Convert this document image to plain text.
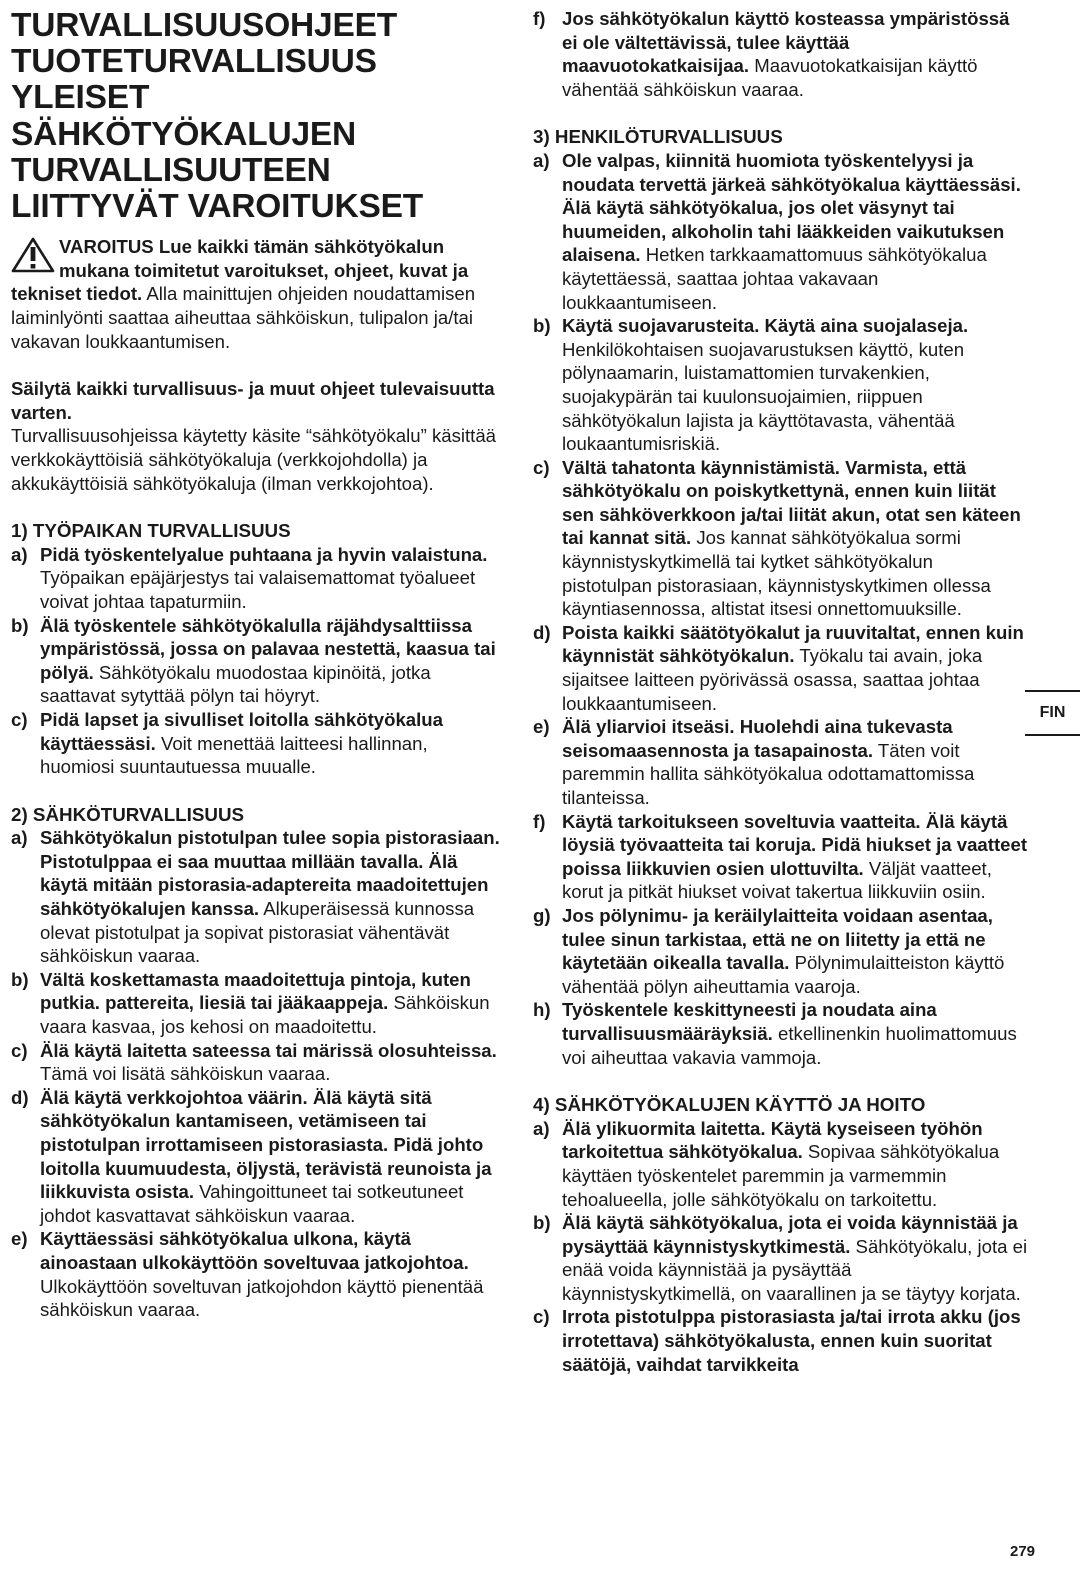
TURVALLISUUSOHJEET
TUOTETURVALLISUUS
YLEISET
SÄHKÖTYÖKALUJEN
TURVALLISUUTEEN
LIITTYVÄT VAROITUKSET

VAROITUS Lue kaikki tämän sähkötyökalun mukana toimitetut varoitukset, ohjeet, kuvat ja tekniset tiedot. Alla mainittujen ohjeiden noudattamisen laiminlyönti saattaa aiheuttaa sähköiskun, tulipalon ja/tai vakavan loukkaantumisen.

Säilytä kaikki turvallisuus- ja muut ohjeet tulevaisuutta varten.
Turvallisuusohjeissa käytetty käsite “sähkötyökalu” käsittää verkkokäyttöisiä sähkötyökaluja (verkkojohdolla) ja akkukäyttöisiä sähkötyökaluja (ilman verkkojohtoa).

1) TYÖPAIKAN TURVALLISUUS

a) Pidä työskentelyalue puhtaana ja hyvin valaistuna. Työpaikan epäjärjestys tai valaisemattomat työalueet voivat johtaa tapaturmiin.
b) Älä työskentele sähkötyökalulla räjähdysalttiissa ympäristössä, jossa on palavaa nestettä, kaasua tai pölyä. Sähkötyökalu muodostaa kipinöitä, jotka saattavat sytyttää pölyn tai höyryt.
c) Pidä lapset ja sivulliset loitolla sähkötyökalua käyttäessäsi. Voit menettää laitteesi hallinnan, huomiosi suuntautuessa muualle.

2) SÄHKÖTURVALLISUUS

a) Sähkötyökalun pistotulpan tulee sopia pistorasiaan. Pistotulppaa ei saa muuttaa millään tavalla. Älä käytä mitään pistorasia-adaptereita maadoitettujen sähkötyökalujen kanssa. Alkuperäisessä kunnossa olevat pistotulpat ja sopivat pistorasiat vähentävät sähköiskun vaaraa.
b) Vältä koskettamasta maadoitettuja pintoja, kuten putkia. pattereita, liesiä tai jääkaappeja. Sähköiskun vaara kasvaa, jos kehosi on maadoitettu.
c) Älä käytä laitetta sateessa tai märissä olosuhteissa. Tämä voi lisätä sähköiskun vaaraa.
d) Älä käytä verkkojohtoa väärin. Älä käytä sitä sähkötyökalun kantamiseen, vetämiseen tai pistotulpan irrottamiseen pistorasiasta. Pidä johto loitolla kuumuudesta, öljystä, terävistä reunoista ja liikkuvista osista. Vahingoittuneet tai sotkeutuneet johdot kasvattavat sähköiskun vaaraa.
e) Käyttäessäsi sähkötyökalua ulkona, käytä ainoastaan ulkokäyttöön soveltuvaa jatkojohtoa. Ulkokäyttöön soveltuvan jatkojohdon käyttö pienentää sähköiskun vaaraa.
f) Jos sähkötyökalun käyttö kosteassa ympäristössä ei ole vältettävissä, tulee käyttää maavuotokatkaisijaa. Maavuotokatkaisijan käyttö vähentää sähköiskun vaaraa.

3) HENKILÖTURVALLISUUS

a) Ole valpas, kiinnitä huomiota työskentelyysi ja noudata tervettä järkeä sähkötyökalua käyttäessäsi. Älä käytä sähkötyökalua, jos olet väsynyt tai huumeiden, alkoholin tahi lääkkeiden vaikutuksen alaisena. Hetken tarkkaamattomuus sähkötyökalua käytettäessä, saattaa johtaa vakavaan loukkaantumiseen.
b) Käytä suojavarusteita. Käytä aina suojalaseja. Henkilökohtaisen suojavarustuksen käyttö, kuten pölynaamarin, luistamattomien turvakenkien, suojakypärän tai kuulonsuojaimien, riippuen sähkötyökalun lajista ja käyttötavasta, vähentää loukaantumisriskiä.
c) Vältä tahatonta käynnistämistä. Varmista, että sähkötyökalu on poiskytkettynä, ennen kuin liität sen sähköverkkoon ja/tai liität akun, otat sen käteen tai kannat sitä. Jos kannat sähkötyökalua sormi käynnistyskytkimellä tai kytket sähkötyökalun pistotulpan pistorasiaan, käynnistyskytkimen ollessa käyntiasennossa, altistat itsesi onnettomuuksille.
d) Poista kaikki säätötyökalut ja ruuvitaltat, ennen kuin käynnistät sähkötyökalun. Työkalu tai avain, joka sijaitsee laitteen pyörivässä osassa, saattaa johtaa loukkaantumiseen.
e) Älä yliarvioi itseäsi. Huolehdi aina tukevasta seisomaasennosta ja tasapainosta. Täten voit paremmin hallita sähkötyökalua odottamattomissa tilanteissa.
f) Käytä tarkoitukseen soveltuvia vaatteita. Älä käytä löysiä työvaatteita tai koruja. Pidä hiukset ja vaatteet poissa liikkuvien osien ulottuvilta. Väljät vaatteet, korut ja pitkät hiukset voivat takertua liikkuviin osiin.
g) Jos pölynimu- ja keräilylaitteita voidaan asentaa, tulee sinun tarkistaa, että ne on liitetty ja että ne käytetään oikealla tavalla. Pölynimulaitteiston käyttö vähentää pölyn aiheuttamia vaaroja.
h) Työskentele keskittyneesti ja noudata aina turvallisuusmääräyksiä. etkellinenkin huolimattomuus voi aiheuttaa vakavia vammoja.

4) SÄHKÖTYÖKALUJEN KÄYTTÖ JA HOITO

a) Älä ylikuormita laitetta. Käytä kyseiseen työhön tarkoitettua sähkötyökalua. Sopivaa sähkötyökalua käyttäen työskentelet paremmin ja varmemmin tehoalueella, jolle sähkötyökalu on tarkoitettu.
b) Älä käytä sähkötyökalua, jota ei voida käynnistää ja pysäyttää käynnistyskytkimestä. Sähkötyökalu, jota ei enää voida käynnistää ja pysäyttää käynnistyskytkimellä, on vaarallinen ja se täytyy korjata.
c) Irrota pistotulppa pistorasiasta ja/tai irrota akku (jos irrotettava) sähkötyökalusta, ennen kuin suoritat säätöjä, vaihdat tarvikkeita
FIN
279
